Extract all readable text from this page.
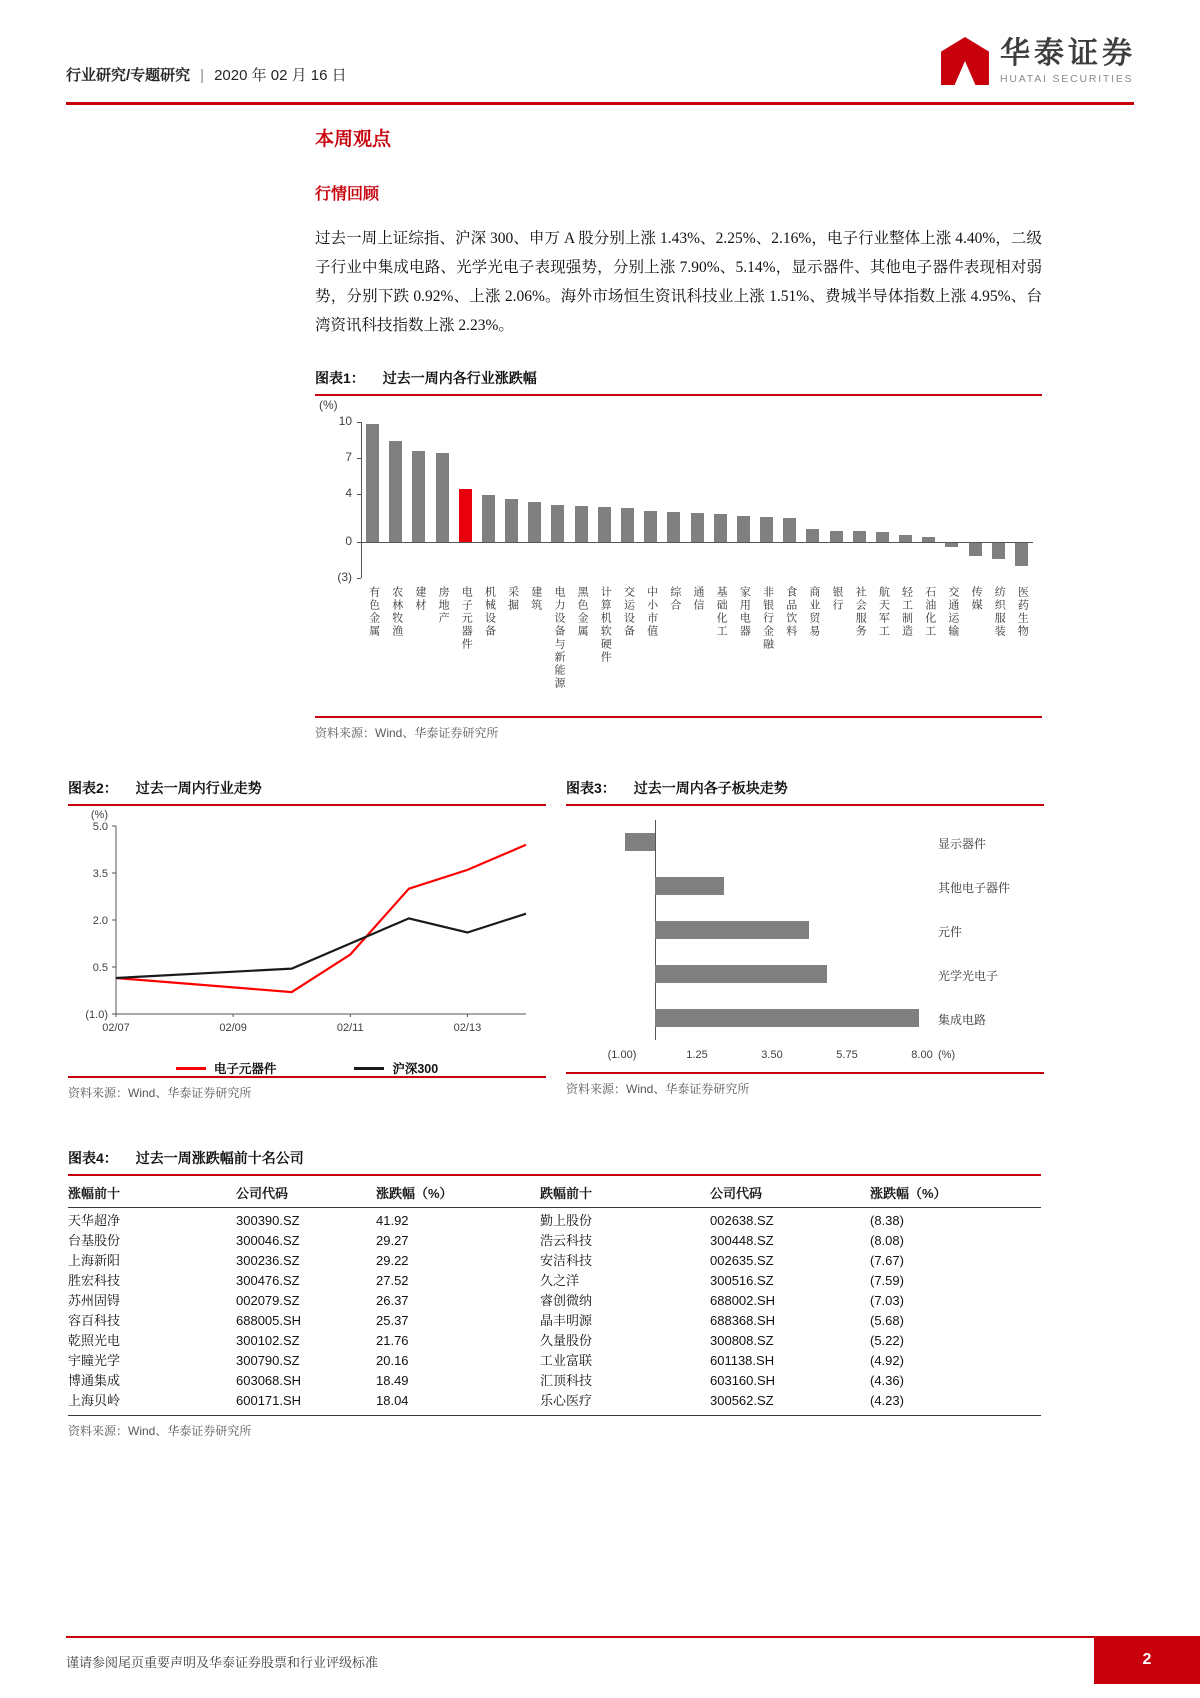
行业研究/专题研究 | 2020 年 02 月 16 日
华泰证券
HUATAI SECURITIES
本周观点
行情回顾
过去一周上证综指、沪深 300、申万 A 股分别上涨 1.43%、2.25%、2.16%，电子行业整体上涨 4.40%，二级子行业中集成电路、光学光电子表现强势，分别上涨 7.90%、5.14%，显示器件、其他电子器件表现相对弱势，分别下跌 0.92%、上涨 2.06%。海外市场恒生资讯科技业上涨 1.51%、费城半导体指数上涨 4.95%、台湾资讯科技指数上涨 2.23%。
图表1： 过去一周内各行业涨跌幅
(%)
10
7
4
0
(3)
有色金属 农林牧渔 建材 房地产 电子元器件 机械设备 采掘 建筑 电力设备与新能源 黑色金属 计算机软硬件 交运设备 中小市值 综合 通信 基础化工 家用电器 非银行金融 食品饮料 商业贸易 银行 社会服务 航天军工 轻工制造 石油化工 交通运输 传媒 纺织服装 医药生物
资料来源：Wind、华泰证券研究所
图表2： 过去一周内行业走势
(%)
5.0
3.5
2.0
0.5
(1.0)
02/07	02/09	02/11	02/13
电子元器件	沪深300
资料来源：Wind、华泰证券研究所
图表3： 过去一周内各子板块走势
显示器件
其他电子器件
元件
光学光电子
集成电路
(1.00)	1.25	3.50	5.75	8.00 (%)
资料来源：Wind、华泰证券研究所
图表4： 过去一周涨跌幅前十名公司
涨幅前十	公司代码	涨跌幅（%）	跌幅前十	公司代码	涨跌幅（%）
天华超净	300390.SZ	41.92	勤上股份	002638.SZ	(8.38)
台基股份	300046.SZ	29.27	浩云科技	300448.SZ	(8.08)
上海新阳	300236.SZ	29.22	安洁科技	002635.SZ	(7.67)
胜宏科技	300476.SZ	27.52	久之洋	300516.SZ	(7.59)
苏州固锝	002079.SZ	26.37	睿创微纳	688002.SH	(7.03)
容百科技	688005.SH	25.37	晶丰明源	688368.SH	(5.68)
乾照光电	300102.SZ	21.76	久量股份	300808.SZ	(5.22)
宇瞳光学	300790.SZ	20.16	工业富联	601138.SH	(4.92)
博通集成	603068.SH	18.49	汇顶科技	603160.SH	(4.36)
上海贝岭	600171.SH	18.04	乐心医疗	300562.SZ	(4.23)
资料来源：Wind、华泰证券研究所
谨请参阅尾页重要声明及华泰证券股票和行业评级标准	2
